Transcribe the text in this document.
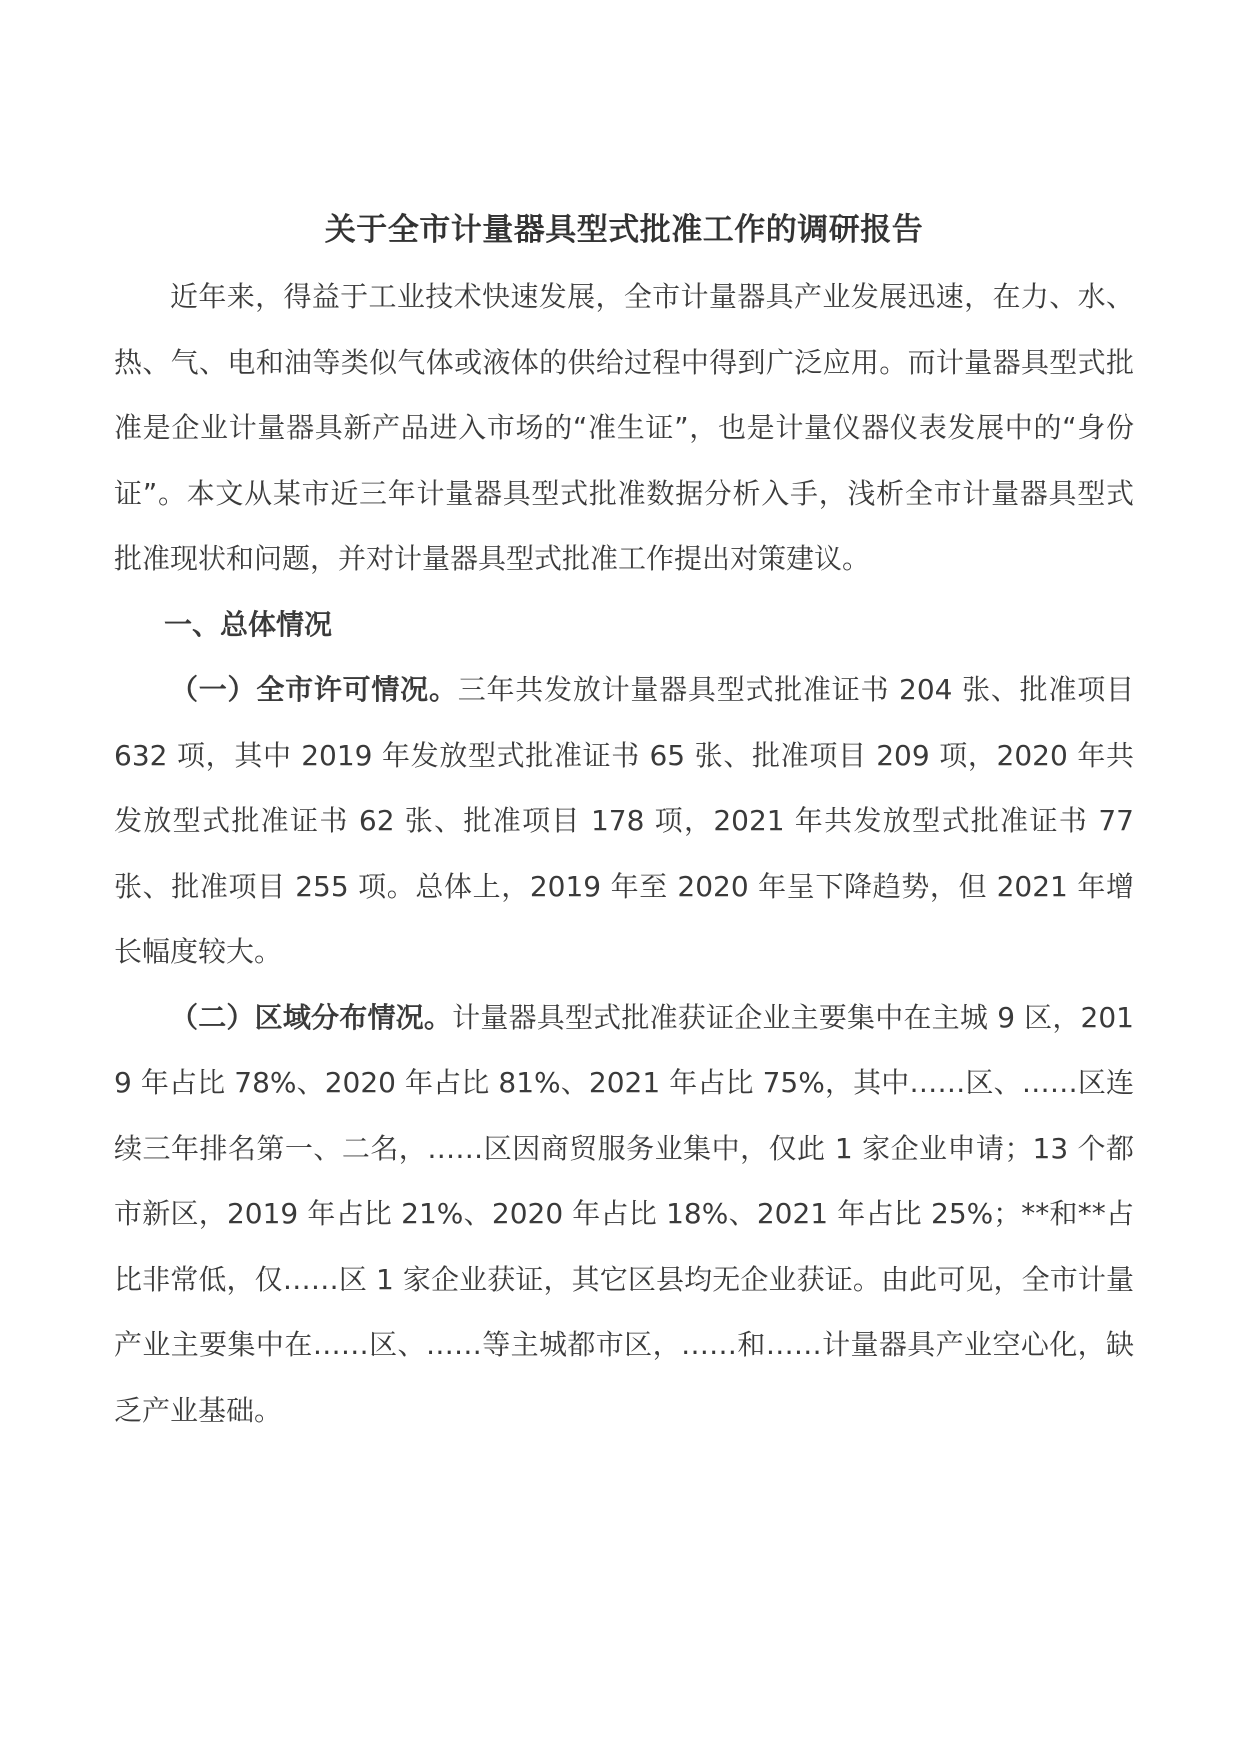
关于全市计量器具型式批准工作的调研报告

近年来，得益于工业技术快速发展，全市计量器具产业发展迅速，在力、水、热、气、电和油等类似气体或液体的供给过程中得到广泛应用。而计量器具型式批准是企业计量器具新产品进入市场的“准生证”，也是计量仪器仪表发展中的“身份证”。本文从某市近三年计量器具型式批准数据分析入手，浅析全市计量器具型式批准现状和问题，并对计量器具型式批准工作提出对策建议。

一、总体情况

（一）全市许可情况。三年共发放计量器具型式批准证书 204 张、批准项目 632 项，其中 2019 年发放型式批准证书 65 张、批准项目 209 项，2020 年共发放型式批准证书 62 张、批准项目 178 项，2021 年共发放型式批准证书 77 张、批准项目 255 项。总体上，2019 年至 2020 年呈下降趋势，但 2021 年增长幅度较大。

（二）区域分布情况。计量器具型式批准获证企业主要集中在主城 9 区，2019 年占比 78%、2020 年占比 81%、2021 年占比 75%，其中……区、……区连续三年排名第一、二名，……区因商贸服务业集中，仅此 1 家企业申请；13 个都市新区，2019 年占比 21%、2020 年占比 18%、2021 年占比 25%；**和**占比非常低，仅……区 1 家企业获证，其它区县均无企业获证。由此可见，全市计量产业主要集中在……区、……等主城都市区，……和……计量器具产业空心化，缺乏产业基础。
